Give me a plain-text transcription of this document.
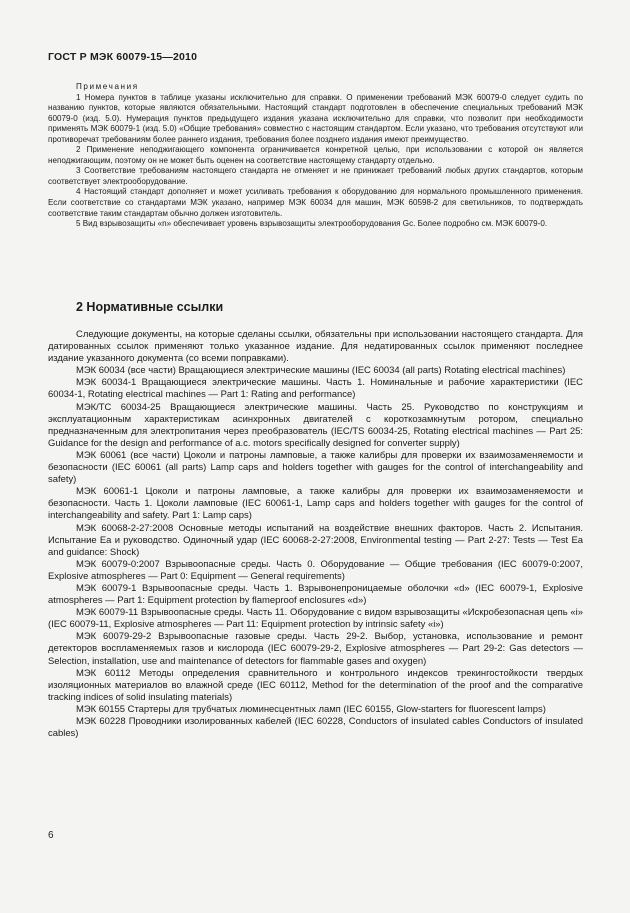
ГОСТ Р МЭК 60079-15—2010
Примечания

1 Номера пунктов в таблице указаны исключительно для справки. О применении требований МЭК 60079-0 следует судить по названию пунктов, которые являются обязательными. Настоящий стандарт подготовлен в обеспечение специальных требований МЭК 60079-0 (изд. 5.0). Нумерация пунктов предыдущего издания указана исключительно для справки, что позволит при необходимости применять МЭК 60079-1 (изд. 5.0) «Общие требования» совместно с настоящим стандартом. Если указано, что требования отсутствуют или противоречат требованиям более раннего издания, требования более позднего издания имеют преимущество.

2 Применение неподжигающего компонента ограничивается конкретной целью, при использовании с которой он является неподжигающим, поэтому он не может быть оценен на соответствие настоящему стандарту отдельно.

3 Соответствие требованиям настоящего стандарта не отменяет и не принижает требований любых других стандартов, которым соответствует электрооборудование.

4 Настоящий стандарт дополняет и может усиливать требования к оборудованию для нормального промышленного применения. Если соответствие со стандартами МЭК указано, например МЭК 60034 для машин, МЭК 60598-2 для светильников, то подтверждать соответствие таким стандартам обычно должен изготовитель.

5 Вид взрывозащиты «n» обеспечивает уровень взрывозащиты электрооборудования Gc. Более подробно см. МЭК 60079-0.

2 Нормативные ссылки

Следующие документы, на которые сделаны ссылки, обязательны при использовании настоящего стандарта. Для датированных ссылок применяют только указанное издание. Для недатированных ссылок применяют последнее издание указанного документа (со всеми поправками).

МЭК 60034 (все части) Вращающиеся электрические машины (IEC 60034 (all parts) Rotating electrical machines)

МЭК 60034-1 Вращающиеся электрические машины. Часть 1. Номинальные и рабочие характеристики (IEC 60034-1, Rotating electrical machines — Part 1: Rating and performance)

МЭК/ТС 60034-25 Вращающиеся электрические машины. Часть 25. Руководство по конструкциям и эксплуатационным характеристикам асинхронных двигателей с короткозамкнутым ротором, специально предназначенным для электропитания через преобразователь (IEC/TS 60034-25, Rotating electrical machines — Part 25: Guidance for the design and performance of a.c. motors specifically designed for converter supply)

МЭК 60061 (все части) Цоколи и патроны ламповые, а также калибры для проверки их взаимозаменяемости и безопасности (IEC 60061 (all parts) Lamp caps and holders together with gauges for the control of interchangeability and safety)

МЭК 60061-1 Цоколи и патроны ламповые, а также калибры для проверки их взаимозаменяемости и безопасности. Часть 1. Цоколи ламповые (IEC 60061-1, Lamp caps and holders together with gauges for the control of interchangeability and safety. Part 1: Lamp caps)

МЭК 60068-2-27:2008 Основные методы испытаний на воздействие внешних факторов. Часть 2. Испытания. Испытание Ea и руководство. Одиночный удар (IEC 60068-2-27:2008, Environmental testing — Part 2-27: Tests — Test Ea and guidance: Shock)

МЭК 60079-0:2007 Взрывоопасные среды. Часть 0. Оборудование — Общие требования (IEC 60079-0:2007, Explosive atmospheres — Part 0: Equipment — General requirements)

МЭК 60079-1 Взрывоопасные среды. Часть 1. Взрывонепроницаемые оболочки «d» (IEC 60079-1, Explosive atmospheres — Part 1: Equipment protection by flameproof enclosures «d»)

МЭК 60079-11 Взрывоопасные среды. Часть 11. Оборудование с видом взрывозащиты «Искробезопасная цепь «i» (IEC 60079-11, Explosive atmospheres — Part 11: Equipment protection by intrinsic safety «i»)

МЭК 60079-29-2 Взрывоопасные газовые среды. Часть 29-2. Выбор, установка, использование и ремонт детекторов воспламеняемых газов и кислорода (IEC 60079-29-2, Explosive atmospheres — Part 29-2: Gas detectors — Selection, installation, use and maintenance of detectors for flammable gases and oxygen)

МЭК 60112 Методы определения сравнительного и контрольного индексов трекингостойкости твердых изоляционных материалов во влажной среде (IEC 60112, Method for the determination of the proof and the comparative tracking indices of solid insulating materials)

МЭК 60155 Стартеры для трубчатых люминесцентных ламп (IEC 60155, Glow-starters for fluorescent lamps)

МЭК 60228 Проводники изолированных кабелей (IEC 60228, Conductors of insulated cables Conductors of insulated cables)

6
